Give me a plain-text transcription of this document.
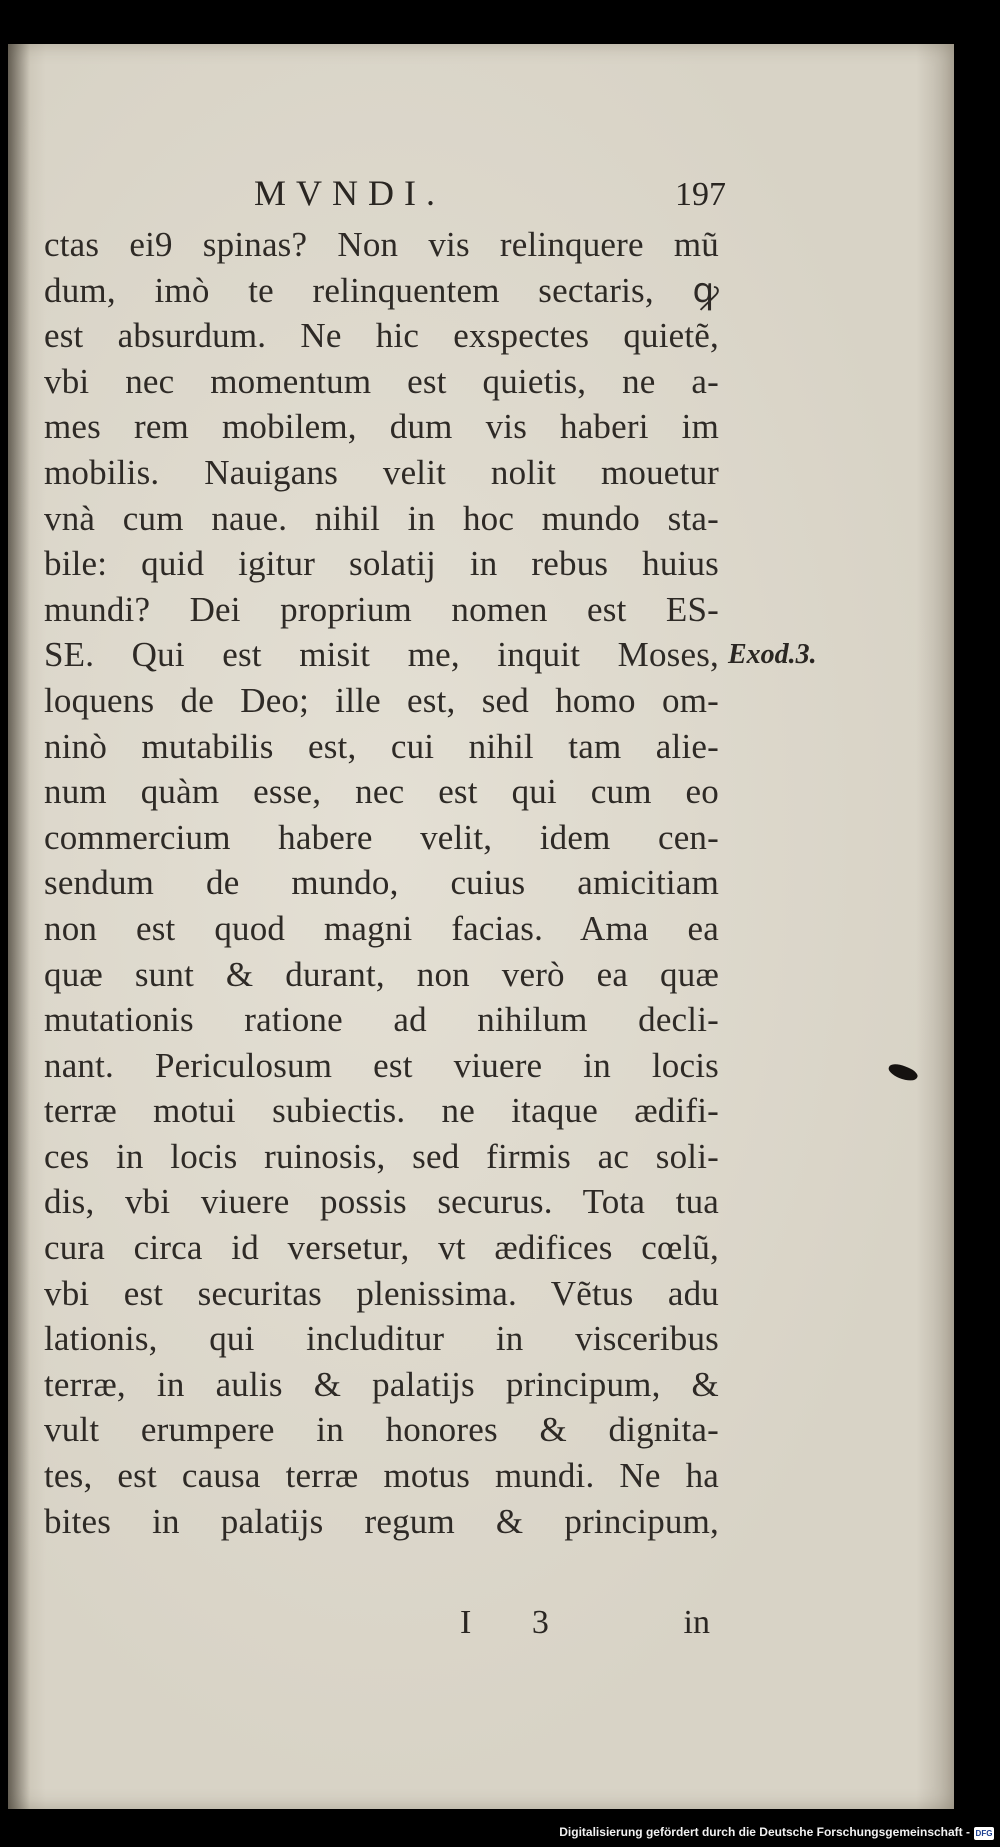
MVNDI.	197
ctas ei9 spinas? Non vis relinquere mũ
dum, imò te relinquentem sectaris, ꝙ
est absurdum. Ne hic exspectes quietẽ,
vbi nec momentum est quietis, ne a-
mes rem mobilem, dum vis haberi im
mobilis. Nauigans velit nolit mouetur
vnà cum naue. nihil in hoc mundo sta-
bile: quid igitur solatij in rebus huius
mundi? Dei proprium nomen est ES-
SE. Qui est misit me, inquit Moses,
loquens de Deo; ille est, sed homo om-
ninò mutabilis est, cui nihil tam alie-
num quàm esse, nec est qui cum eo
commercium habere velit, idem cen-
sendum de mundo, cuius amicitiam
non est quod magni facias. Ama ea
quæ sunt & durant, non verò ea quæ
mutationis ratione ad nihilum decli-
nant. Periculosum est viuere in locis
terræ motui subiectis. ne itaque ædifi-
ces in locis ruinosis, sed firmis ac soli-
dis, vbi viuere possis securus. Tota tua
cura circa id versetur, vt ædifices cœlũ,
vbi est securitas plenissima. Vẽtus adu
lationis, qui includitur in visceribus
terræ, in aulis & palatijs principum, &
vult erumpere in honores & dignita-
tes, est causa terræ motus mundi. Ne ha
bites in palatijs regum & principum,
Exod.3.
I 3	in
Digitalisierung gefördert durch die Deutsche Forschungsgemeinschaft - DFG
